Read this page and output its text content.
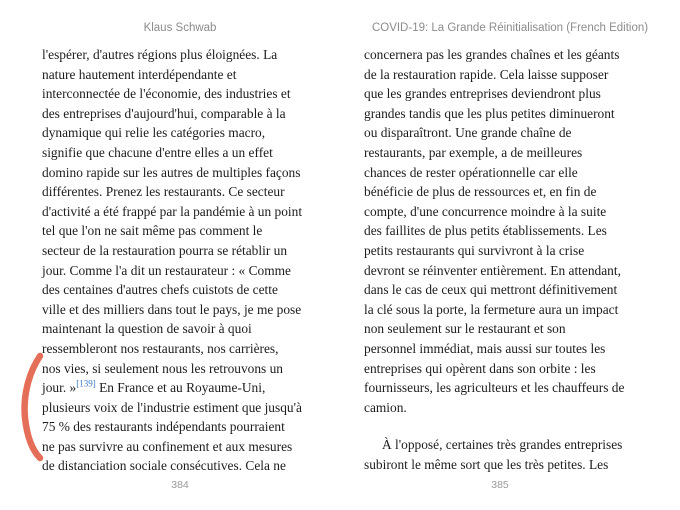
Klaus Schwab	COVID-19: La Grande Réinitialisation (French Edition)
l'espérer, d'autres régions plus éloignées. La
nature hautement interdépendante et
interconnectée de l'économie, des industries et
des entreprises d'aujourd'hui, comparable à la
dynamique qui relie les catégories macro,
signifie que chacune d'entre elles a un effet
domino rapide sur les autres de multiples façons
différentes. Prenez les restaurants. Ce secteur
d'activité a été frappé par la pandémie à un point
tel que l'on ne sait même pas comment le
secteur de la restauration pourra se rétablir un
jour. Comme l'a dit un restaurateur : « Comme
des centaines d'autres chefs cuistots de cette
ville et des milliers dans tout le pays, je me pose
maintenant la question de savoir à quoi
ressembleront nos restaurants, nos carrières,
nos vies, si seulement nous les retrouvons un
jour. »[139] En France et au Royaume-Uni,
plusieurs voix de l'industrie estiment que jusqu'à
75 % des restaurants indépendants pourraient
ne pas survivre au confinement et aux mesures
de distanciation sociale consécutives. Cela ne
concernera pas les grandes chaînes et les géants
de la restauration rapide. Cela laisse supposer
que les grandes entreprises deviendront plus
grandes tandis que les plus petites diminueront
ou disparaîtront. Une grande chaîne de
restaurants, par exemple, a de meilleures
chances de rester opérationnelle car elle
bénéficie de plus de ressources et, en fin de
compte, d'une concurrence moindre à la suite
des faillites de plus petits établissements. Les
petits restaurants qui survivront à la crise
devront se réinventer entièrement. En attendant,
dans le cas de ceux qui mettront définitivement
la clé sous la porte, la fermeture aura un impact
non seulement sur le restaurant et son
personnel immédiat, mais aussi sur toutes les
entreprises qui opèrent dans son orbite : les
fournisseurs, les agriculteurs et les chauffeurs de
camion.
À l'opposé, certaines très grandes entreprises
subiront le même sort que les très petites. Les
384	385
